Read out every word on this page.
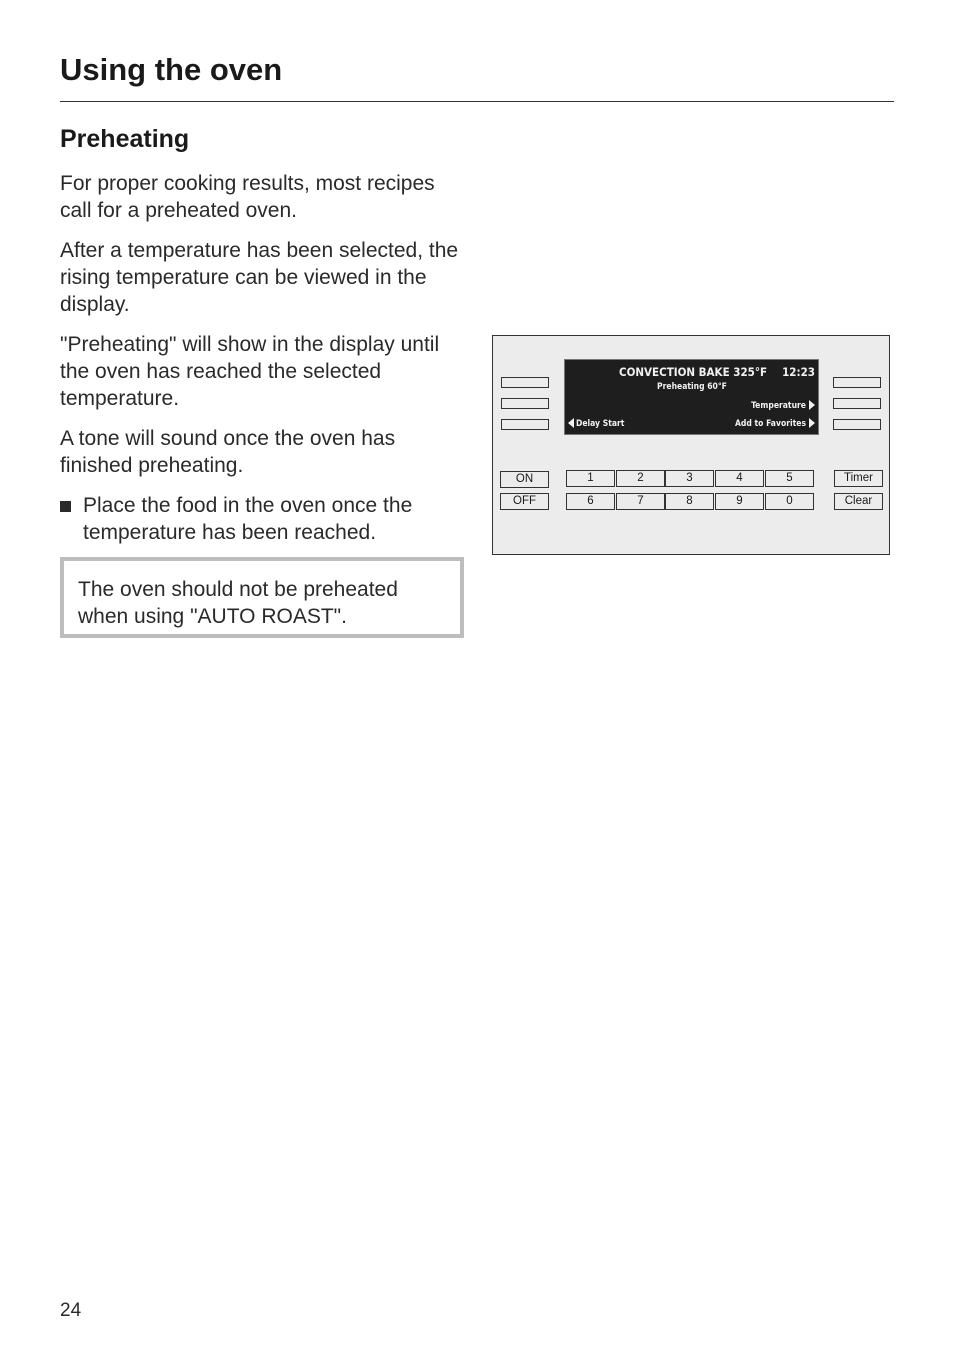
Using the oven
Preheating

For proper cooking results, most recipes call for a preheated oven.

After a temperature has been selected, the rising temperature can be viewed in the display.

"Preheating" will show in the display until the oven has reached the selected temperature.

A tone will sound once the oven has finished preheating.

Place the food in the oven once the temperature has been reached.

The oven should not be preheated when using "AUTO ROAST".

CONVECTION BAKE 325°F 12:23
Preheating 60°F
Temperature
Add to Favorites
Delay Start
ON
OFF
1	2	3	4	5
6	7	8	9	0
Timer
Clear
24
